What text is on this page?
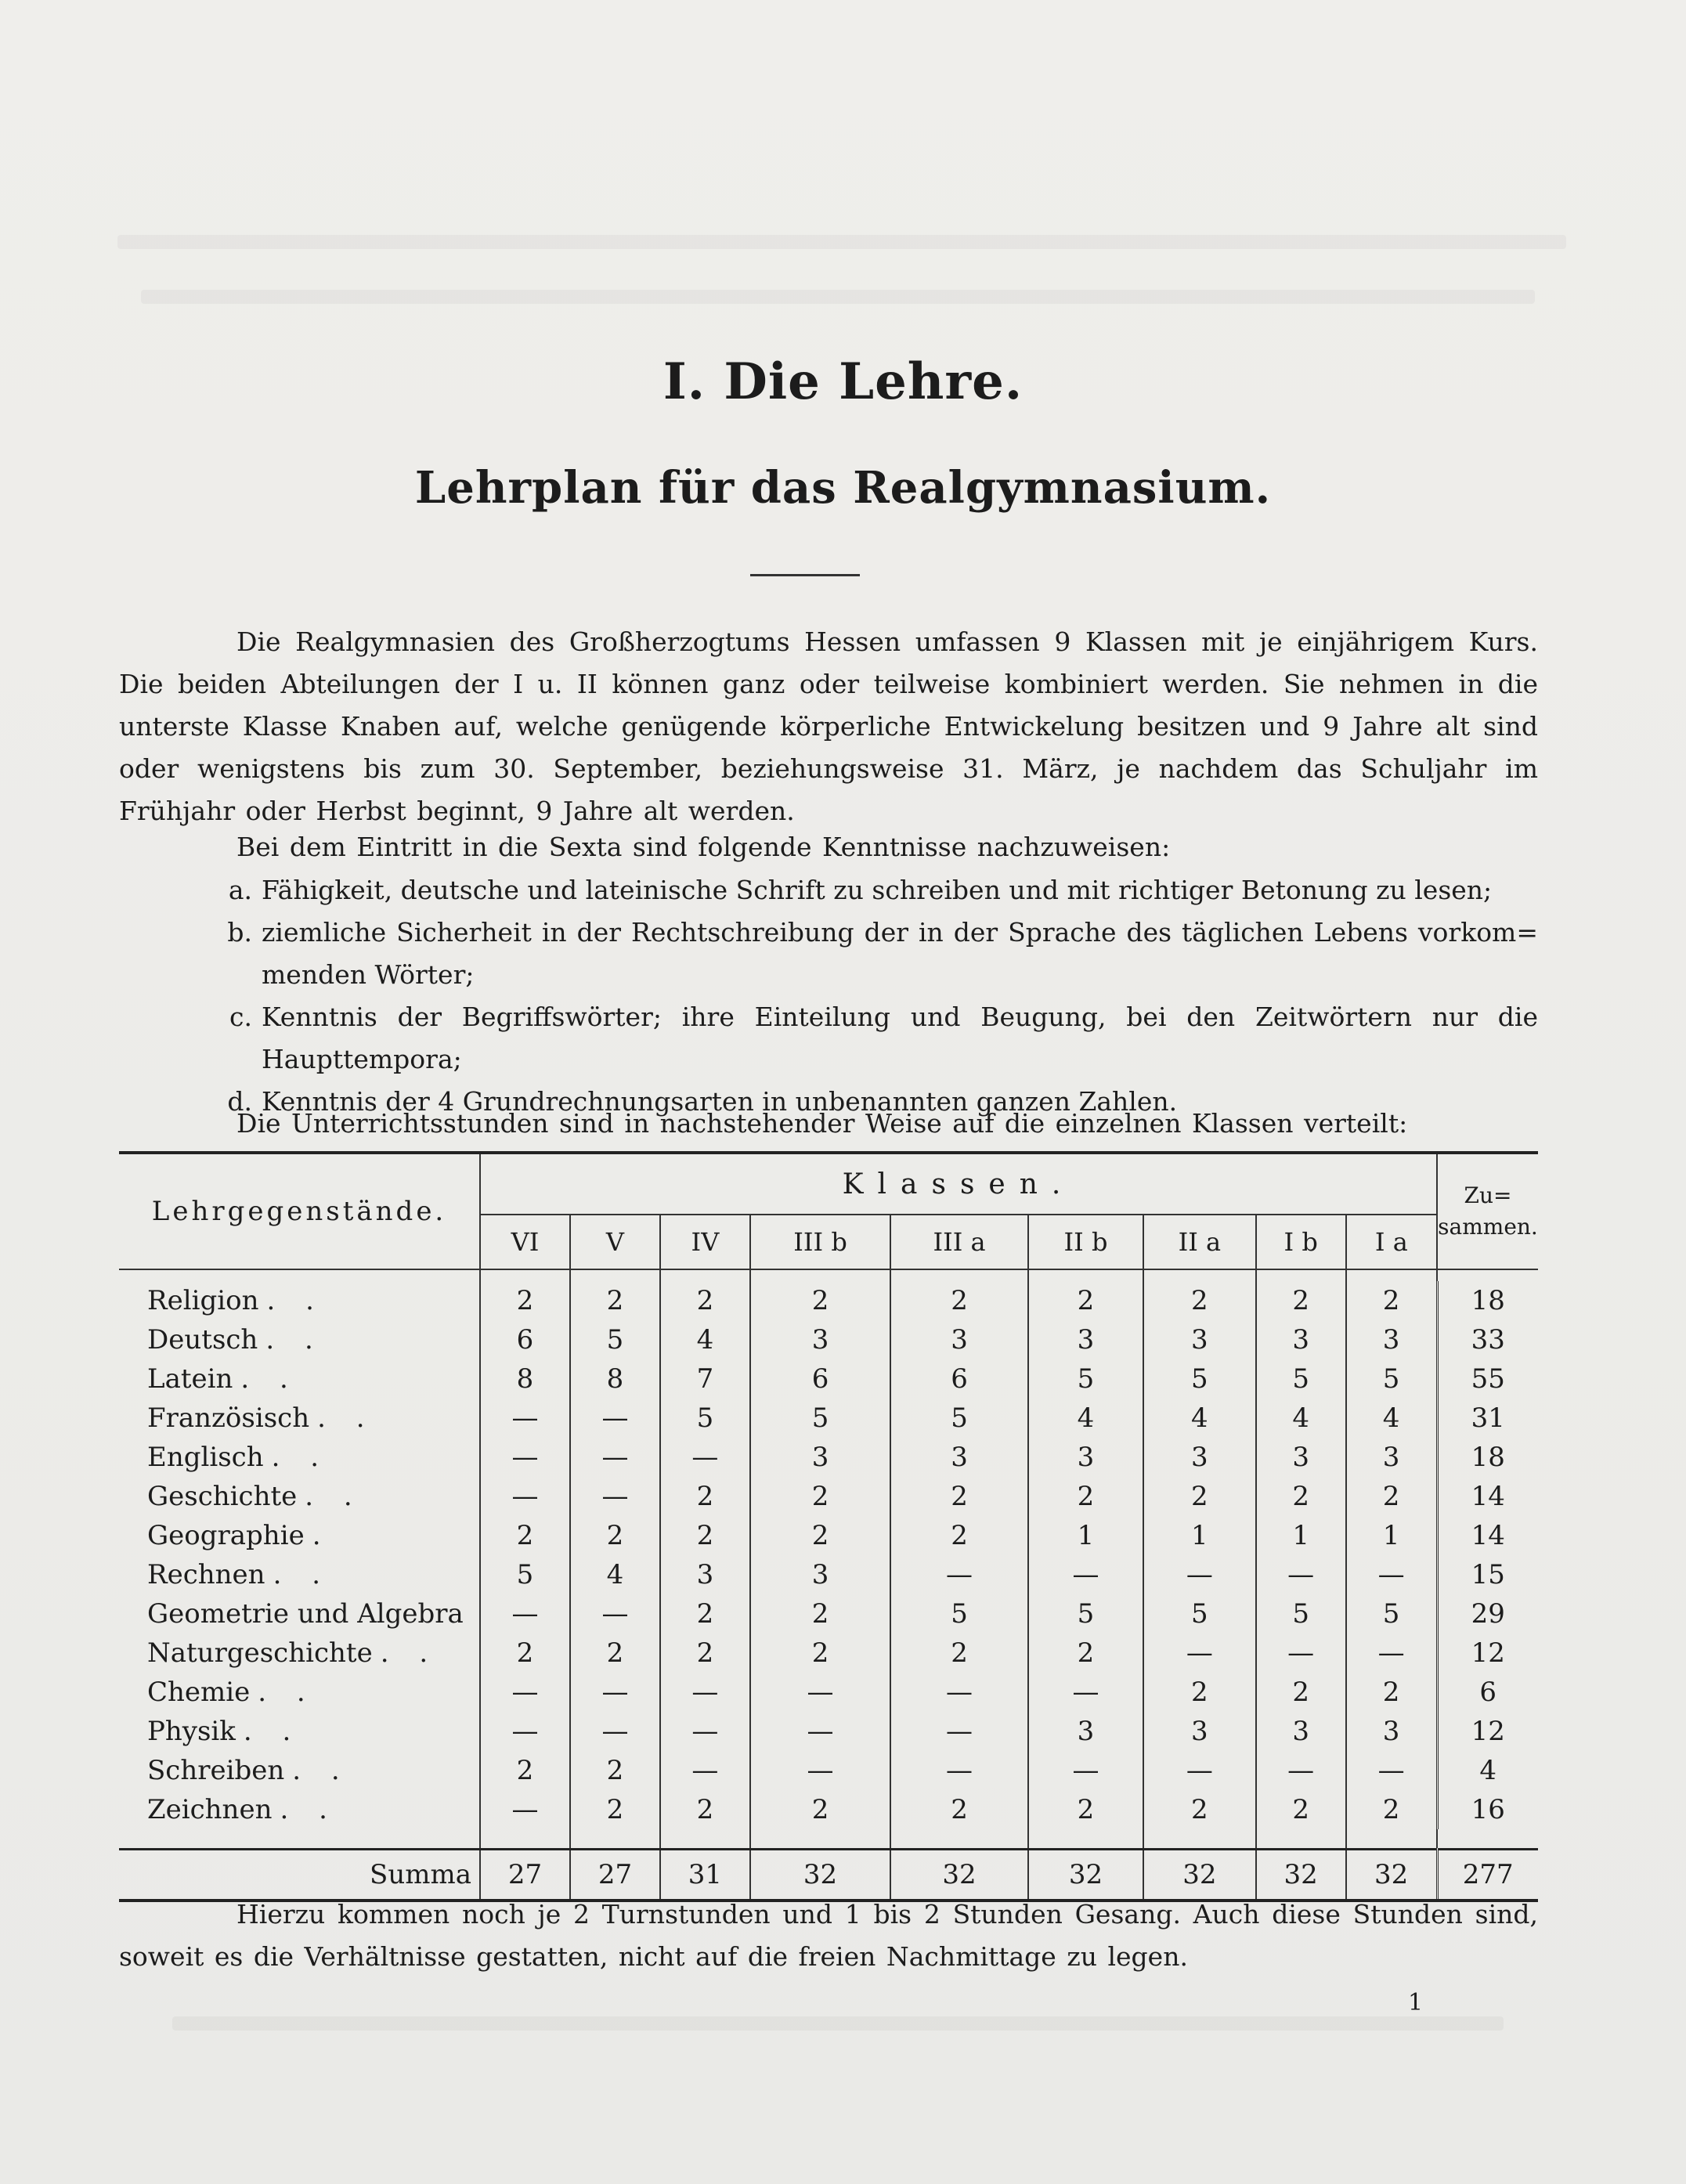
I. Die Lehre.
Lehrplan für das Realgymnasium.

Die Realgymnasien des Großherzogtums Hessen umfassen 9 Klassen mit je einjährigem Kurs. Die beiden Abteilungen der I u. II können ganz oder teilweise kombiniert werden. Sie nehmen in die unterste Klasse Knaben auf, welche genügende körperliche Entwickelung besitzen und 9 Jahre alt sind oder wenigstens bis zum 30. September, beziehungsweise 31. März, je nachdem das Schuljahr im Frühjahr oder Herbst beginnt, 9 Jahre alt werden.

Bei dem Eintritt in die Sexta sind folgende Kenntnisse nachzuweisen:

a. Fähigkeit, deutsche und lateinische Schrift zu schreiben und mit richtiger Betonung zu lesen;
b. ziemliche Sicherheit in der Rechtschreibung der in der Sprache des täglichen Lebens vorkom= menden Wörter;
c. Kenntnis der Begriffswörter; ihre Einteilung und Beugung, bei den Zeitwörtern nur die Haupttempora;
d. Kenntnis der 4 Grundrechnungsarten in unbenannten ganzen Zahlen.

Die Unterrichtsstunden sind in nachstehender Weise auf die einzelnen Klassen verteilt:

Lehrgegenstände.	Klassen.									Zu= sammen.
	VI	V	IV	III b	III a	II b	II a	I b	I a	

Religion . .	2	2	2	2	2	2	2	2	2	18
Deutsch . .	6	5	4	3	3	3	3	3	3	33
Latein . .	8	8	7	6	6	5	5	5	5	55
Französisch . .	—	—	5	5	5	4	4	4	4	31
Englisch . .	—	—	—	3	3	3	3	3	3	18
Geschichte . .	—	—	2	2	2	2	2	2	2	14
Geographie .	2	2	2	2	2	1	1	1	1	14
Rechnen . .	5	4	3	3	—	—	—	—	—	15
Geometrie und Algebra	—	—	2	2	5	5	5	5	5	29
Naturgeschichte . .	2	2	2	2	2	2	—	—	—	12
Chemie . .	—	—	—	—	—	—	2	2	2	6
Physik . .	—	—	—	—	—	3	3	3	3	12
Schreiben . .	2	2	—	—	—	—	—	—	—	4
Zeichnen . .	—	2	2	2	2	2	2	2	2	16

Summa	27	27	31	32	32	32	32	32	32	277

Hierzu kommen noch je 2 Turnstunden und 1 bis 2 Stunden Gesang. Auch diese Stunden sind, soweit es die Verhältnisse gestatten, nicht auf die freien Nachmittage zu legen.

1
